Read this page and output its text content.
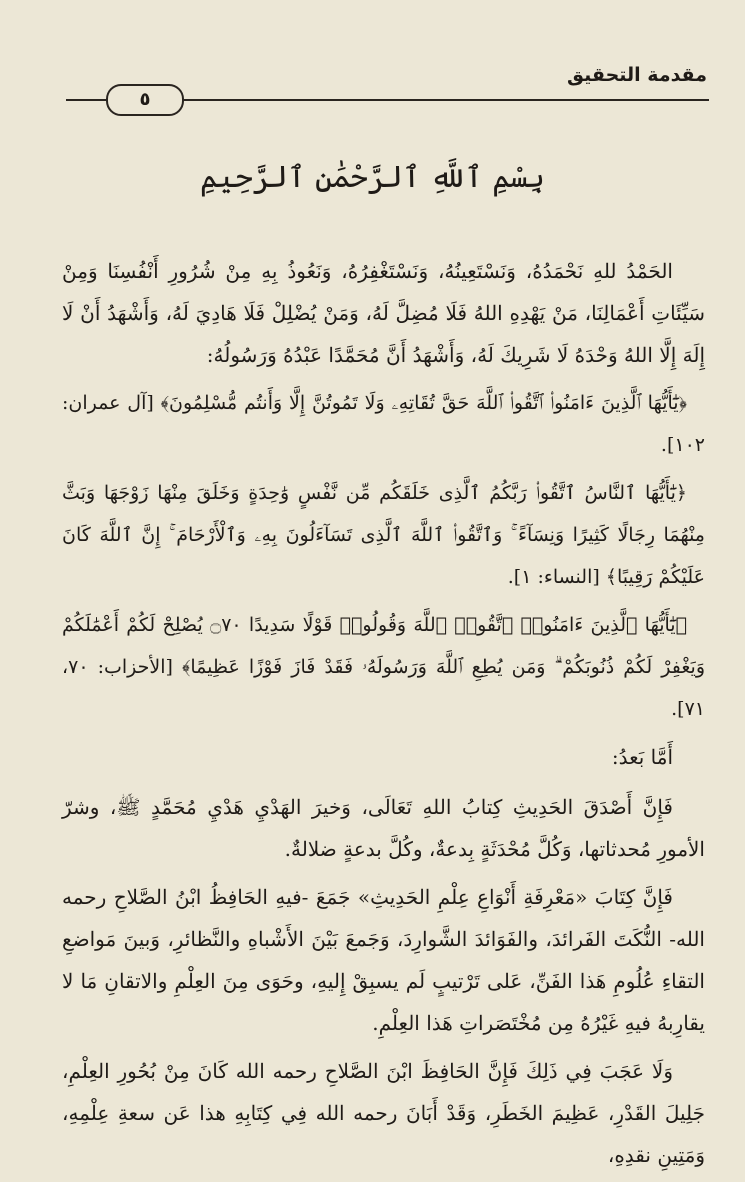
مقدمة التحقيق
٥
بِسْمِ ٱللَّهِ ٱلرَّحْمَٰنِ ٱلرَّحِيمِ

الحَمْدُ للهِ نَحْمَدُهُ، وَنَسْتَعِينُهُ، وَنَسْتَغْفِرُهُ، وَنَعُوذُ بِهِ مِنْ شُرُورِ أَنْفُسِنَا وَمِنْ سَيِّئَاتِ أَعْمَالِنَا، مَنْ يَهْدِهِ اللهُ فَلَا مُضِلَّ لَهُ، وَمَنْ يُضْلِلْ فَلَا هَادِيَ لَهُ، وَأَشْهَدُ أَنْ لَا إِلَهَ إِلَّا اللهُ وَحْدَهُ لَا شَرِيكَ لَهُ، وَأَشْهَدُ أَنَّ مُحَمَّدًا عَبْدُهُ وَرَسُولُهُ:

﴿يَٰٓأَيُّهَا ٱلَّذِينَ ءَامَنُوا۟ ٱتَّقُوا۟ ٱللَّهَ حَقَّ تُقَاتِهِۦ وَلَا تَمُوتُنَّ إِلَّا وَأَنتُم مُّسْلِمُونَ﴾ [آل عمران: ١٠٢].

﴿يَٰٓأَيُّهَا ٱلنَّاسُ ٱتَّقُوا۟ رَبَّكُمُ ٱلَّذِى خَلَقَكُم مِّن نَّفْسٍ وَٰحِدَةٍ وَخَلَقَ مِنْهَا زَوْجَهَا وَبَثَّ مِنْهُمَا رِجَالًا كَثِيرًا وَنِسَآءً ۚ وَٱتَّقُوا۟ ٱللَّهَ ٱلَّذِى تَسَآءَلُونَ بِهِۦ وَٱلْأَرْحَامَ ۚ إِنَّ ٱللَّهَ كَانَ عَلَيْكُمْ رَقِيبًا﴾ [النساء: ١].

﴿يَٰٓأَيُّهَا ٱلَّذِينَ ءَامَنُوا۟ ٱتَّقُوا۟ ٱللَّهَ وَقُولُوا۟ قَوْلًا سَدِيدًا ۝٧٠ يُصْلِحْ لَكُمْ أَعْمَٰلَكُمْ وَيَغْفِرْ لَكُمْ ذُنُوبَكُمْ ۗ وَمَن يُطِعِ ٱللَّهَ وَرَسُولَهُۥ فَقَدْ فَازَ فَوْزًا عَظِيمًا﴾ [الأحزاب: ٧٠، ٧١].

أَمَّا بَعدُ:

فَإِنَّ أَصْدَقَ الحَدِيثِ كِتابُ اللهِ تَعَالَى، وَخيرَ الهَدْيِ هَدْيِ مُحَمَّدٍ ﷺ، وشرّ الأمورِ مُحدثاتها، وَكُلَّ مُحْدَثَةٍ بِدعةٌ، وكُلَّ بدعةٍ ضلالةٌ.

فَإِنَّ كِتَابَ «مَعْرِفَةِ أَنْوَاعِ عِلْمِ الحَدِيثِ» جَمَعَ -فيهِ الحَافِظُ ابْنُ الصَّلاحِ رحمه الله- النُّكَتَ الفَرائدَ، والفَوَائدَ الشَّوارِدَ، وَجَمعَ بَيْنَ الأَشْباهِ والنَّظائرِ، وَبينَ مَواضعِ التقاءِ عُلُومِ هَذا الفَنِّ، عَلى تَرْتيبٍ لَم يسبِقْ إِليهِ، وحَوَى مِنَ العِلْمِ والاتقانِ مَا لا يقارِبهُ فيهِ غَيْرُهُ مِن مُخْتَصَراتِ هَذا العِلْمِ.

وَلَا عَجَبَ فِي ذَلِكَ فَإِنَّ الحَافِظَ ابْنَ الصَّلاحِ رحمه الله كَانَ مِنْ بُحُورِ العِلْمِ، جَلِيلَ القَدْرِ، عَظِيمَ الخَطَرِ، وَقَدْ أَبَانَ رحمه الله فِي كِتَابِهِ هذا عَن سعةِ عِلْمِهِ، وَمَتِينِ نقدِهِ،
